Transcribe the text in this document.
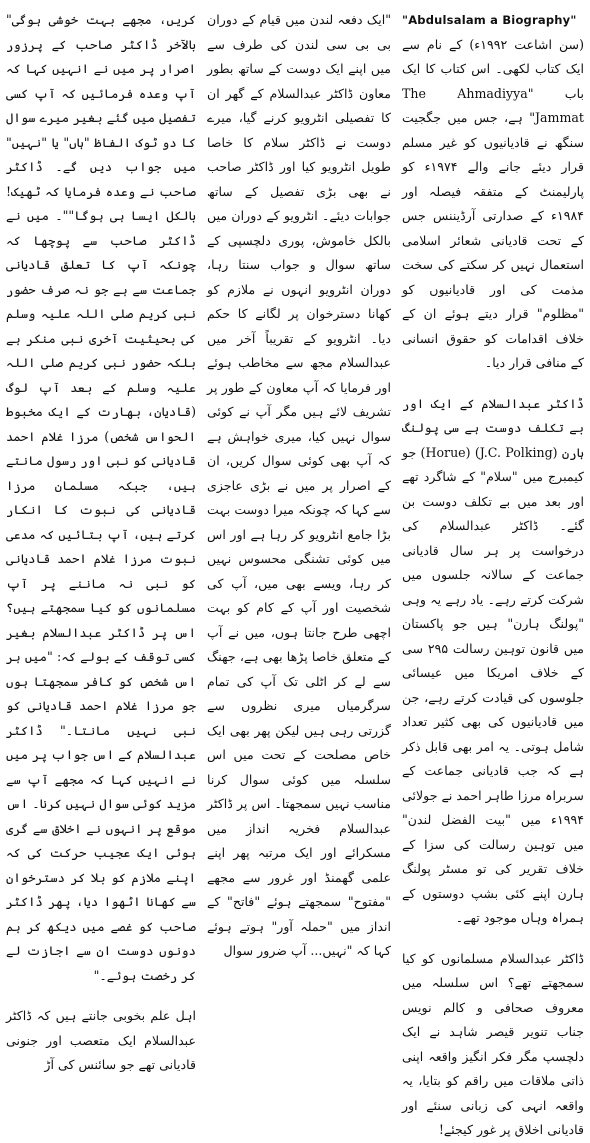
"Abdulsalam a Biography"

(سن اشاعت ۱۹۹۲ء) کے نام سے ایک کتاب لکھی۔ اس کتاب کا ایک باب "The Ahmadiyya Jammat" ہے، جس میں جگجیت سنگھ نے قادیانیوں کو غیر مسلم قرار دیئے جانے والے ۱۹۷۴ء کو پارلیمنٹ کے متفقہ فیصلہ اور ۱۹۸۴ء کے صدارتی آرڈیننس جس کے تحت قادیانی شعائر اسلامی استعمال نہیں کر سکتے کی سخت مذمت کی اور قادیانیوں کو "مظلوم" قرار دیتے ہوئے ان کے خلاف اقدامات کو حقوق انسانی کے منافی قرار دیا۔

ڈاکٹر عبدالسلام کے ایک اور بے تکلف دوست ہے سی پولنگ ہارن (J.C. Polking) (Horue) جو کیمبرج میں "سلام" کے شاگرد تھے اور بعد میں بے تکلف دوست بن گئے۔ ڈاکٹر عبدالسلام کی درخواست پر ہر سال قادیانی جماعت کے سالانہ جلسوں میں شرکت کرتے رہے۔ یاد رہے یہ وہی "پولنگ ہارن" ہیں جو پاکستان میں قانون توہین رسالت ۲۹۵ سی کے خلاف امریکا میں عیسائی جلوسوں کی قیادت کرتے رہے، جن میں قادیانیوں کی بھی کثیر تعداد شامل ہوتی۔ یہ امر بھی قابل ذکر ہے کہ جب قادیانی جماعت کے سربراہ مرزا طاہر احمد نے جولائی ۱۹۹۴ء میں "بیت الفضل لندن" میں توہین رسالت کی سزا کے خلاف تقریر کی تو مسٹر پولنگ ہارن اپنے کئی بشپ دوستوں کے ہمراہ وہاں موجود تھے۔

ڈاکٹر عبدالسلام مسلمانوں کو کیا سمجھتے تھے؟ اس سلسلہ میں معروف صحافی و کالم نویس جناب تنویر قیصر شاہد نے ایک دلچسپ مگر فکر انگیز واقعہ اپنی ذاتی ملاقات میں راقم کو بتایا، یہ واقعہ انہی کی زبانی سنئے اور قادیانی اخلاق پر غور کیجئے!

"ایک دفعہ لندن میں قیام کے دوران بی بی سی لندن کی طرف سے میں اپنے ایک دوست کے ساتھ بطور معاون ڈاکٹر عبدالسلام کے گھر ان کا تفصیلی انٹرویو کرنے گیا، میرے دوست نے ڈاکٹر سلام کا خاصا طویل انٹرویو کیا اور ڈاکٹر صاحب نے بھی بڑی تفصیل کے ساتھ جوابات دیئے۔ انٹرویو کے دوران میں بالکل خاموش، پوری دلچسپی کے ساتھ سوال و جواب سنتا رہا، دوران انٹرویو انہوں نے ملازم کو کھانا دسترخوان پر لگانے کا حکم دیا۔ انٹرویو کے تقریباً آخر میں عبدالسلام مجھ سے مخاطب ہوئے اور فرمایا کہ آپ معاون کے طور پر تشریف لائے ہیں مگر آپ نے کوئی سوال نہیں کیا، میری خواہش ہے کہ آپ بھی کوئی سوال کریں، ان کے اصرار پر میں نے بڑی عاجزی سے کہا کہ چونکہ میرا دوست بہت بڑا جامع انٹرویو کر رہا ہے اور اس میں کوئی تشنگی محسوس نہیں کر رہا، ویسے بھی میں، آپ کی شخصیت اور آپ کے کام کو بہت اچھی طرح جانتا ہوں، میں نے آپ کے متعلق خاصا پڑھا بھی ہے، جھنگ سے لے کر اٹلی تک آپ کی تمام سرگرمیاں میری نظروں سے گزرتی رہی ہیں لیکن پھر بھی ایک خاص مصلحت کے تحت میں اس سلسلہ میں کوئی سوال کرنا مناسب نہیں سمجھتا۔ اس پر ڈاکٹر عبدالسلام فخریہ انداز میں مسکرائے اور ایک مرتبہ پھر اپنے علمی گھمنڈ اور غرور سے مجھے "مفتوح" سمجھتے ہوئے "فاتح" کے انداز میں "حملہ آور" ہوتے ہوئے کہا کہ "نہیں... آپ ضرور سوال

کریں، مجھے بہت خوشی ہوگی" بالآخر ڈاکٹر صاحب کے پرزور اصرار پر میں نے انہیں کہا کہ آپ وعدہ فرمائیں کہ آپ کسی تفصیل میں گئے بغیر میرے سوال کا دو ٹوک الفاظ "ہاں" یا "نہیں" میں جواب دیں گے۔ ڈاکٹر صاحب نے وعدہ فرمایا کہ ٹھیک! بالکل ایسا ہی ہوگا""۔ میں نے ڈاکٹر صاحب سے پوچھا کہ چونکہ آپ کا تعلق قادیانی جماعت سے ہے جو نہ صرف حضور نبی کریم صلی اللہ علیہ وسلم کی بحیثیت آخری نبی منکر ہے بلکہ حضور نبی کریم صلی اللہ علیہ وسلم کے بعد آپ لوگ (قادیان، بھارت کے ایک مخبوط الحواس شخص) مرزا غلام احمد قادیانی کو نبی اور رسول مانتے ہیں، جبکہ مسلمان مرزا قادیانی کی نبوت کا انکار کرتے ہیں، آپ بتائیں کہ مدعی نبوت مرزا غلام احمد قادیانی کو نبی نہ ماننے پر آپ مسلمانوں کو کیا سمجھتے ہیں؟ اس پر ڈاکٹر عبدالسلام بغیر کسی توقف کے بولے کہ: "میں ہر اس شخص کو کافر سمجھتا ہوں جو مرزا غلام احمد قادیانی کو نبی نہیں مانتا۔" ڈاکٹر عبدالسلام کے اس جواب پر میں نے انہیں کہا کہ مجھے آپ سے مزید کوئی سوال نہیں کرنا۔ اس موقع پر انہوں نے اخلاق سے گری ہوئی ایک عجیب حرکت کی کہ اپنے ملازم کو بلا کر دسترخوان سے کھانا اٹھوا دیا، پھر ڈاکٹر صاحب کو غصے میں دیکھ کر ہم دونوں دوست ان سے اجازت لے کر رخصت ہوئے۔"

اہل علم بخوبی جانتے ہیں کہ ڈاکٹر عبدالسلام ایک متعصب اور جنونی قادیانی تھے جو سائنس کی آڑ
